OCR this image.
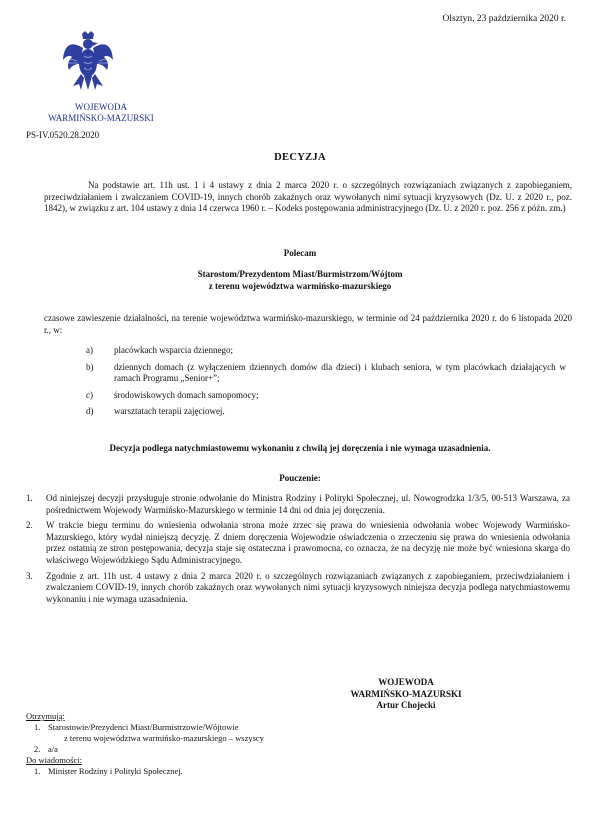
Olsztyn, 23 października 2020 r.
WOJEWODA
WARMIŃSKO-MAZURSKI
PS-IV.0520.28.2020
DECYZJA
Na podstawie art. 11h ust. 1 i 4 ustawy z dnia 2 marca 2020 r. o szczególnych rozwiązaniach związanych z zapobieganiem, przeciwdziałaniem i zwalczaniem COVID-19, innych chorób zakaźnych oraz wywołanych nimi sytuacji kryzysowych (Dz. U. z 2020 r., poz. 1842), w związku z art. 104 ustawy z dnia 14 czerwca 1960 r. – Kodeks postępowania administracyjnego (Dz. U. z 2020 r. poz. 256 z późn. zm.)
Polecam
Starostom/Prezydentom Miast/Burmistrzom/Wójtom
z terenu województwa warmińsko-mazurskiego
czasowe zawieszenie działalności, na terenie województwa warmińsko-mazurskiego, w terminie od 24 października 2020 r. do 6 listopada 2020 r., w:
a) placówkach wsparcia dziennego;
b) dziennych domach (z wyłączeniem dziennych domów dla dzieci) i klubach seniora, w tym placówkach działających w ramach Programu „Senior+”;
c) środowiskowych domach samopomocy;
d) warsztatach terapii zajęciowej.
Decyzja podlega natychmiastowemu wykonaniu z chwilą jej doręczenia i nie wymaga uzasadnienia.
Pouczenie:
1. Od niniejszej decyzji przysługuje stronie odwołanie do Ministra Rodziny i Polityki Społecznej, ul. Nowogrodzka 1/3/5, 00-513 Warszawa, za pośrednictwem Wojewody Warmińsko-Mazurskiego w terminie 14 dni od dnia jej doręczenia.
2. W trakcie biegu terminu do wniesienia odwołania strona może zrzec się prawa do wniesienia odwołania wobec Wojewody Warmińsko-Mazurskiego, który wydał niniejszą decyzję. Z dniem doręczenia Wojewodzie oświadczenia o zrzeczeniu się prawa do wniesienia odwołania przez ostatnią ze stron postępowania, decyzja staje się ostateczna i prawomocna, co oznacza, że na decyzję nie może być wniesiona skarga do właściwego Wojewódzkiego Sądu Administracyjnego.
3. Zgodnie z art. 11h ust. 4 ustawy z dnia 2 marca 2020 r. o szczególnych rozwiązaniach związanych z zapobieganiem, przeciwdziałaniem i zwalczaniem COVID-19, innych chorób zakaźnych oraz wywołanych nimi sytuacji kryzysowych niniejsza decyzja podlega natychmiastowemu wykonaniu i nie wymaga uzasadnienia.
WOJEWODA
WARMIŃSKO-MAZURSKI
Artur Chojecki
Otrzymują:
1. Starostowie/Prezydenci Miast/Burmistrzowie/Wójtowie
z terenu województwa warmińsko-mazurskiego – wszyscy
2. a/a
Do wiadomości:
1. Minister Rodziny i Polityki Społecznej.
